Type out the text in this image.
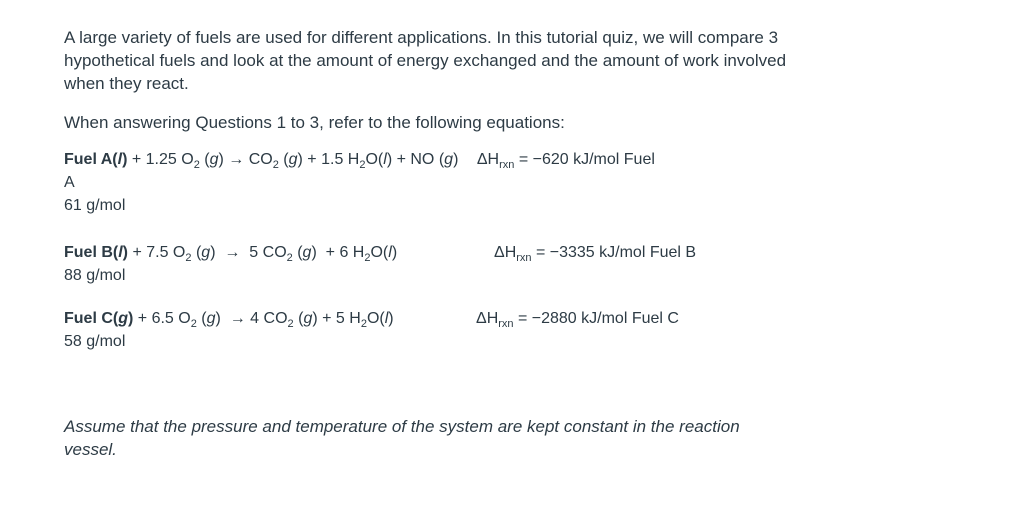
A large variety of fuels are used for different applications. In this tutorial quiz, we will compare 3 hypothetical fuels and look at the amount of energy exchanged and the amount of work involved when they react.

When answering Questions 1 to 3, refer to the following equations:

Fuel A(l) + 1.25 $O_2$ $(g) \to CO_2$ (g) + 1.5 $H_2O(l)$ + NO (g) $\Delta H_{rxn} = -620$ kJ/mol Fuel
A
61 g/mol
Fuel B(l) + 7.5 $O_2$ (g)  →  5 $CO_2$ (g)  + 6 $H_2O(l)$	$\Delta H_{rxn} = -3335$ kJ/mol Fuel B
88 g/mol
Fuel C(g) + 6.5 $O_2$ (g)  → 4 $CO_2$ (g) + 5 $H_2O(l)$	$\Delta H_{rxn} = -2880$ kJ/mol Fuel C
58 g/mol
Assume that the pressure and temperature of the system are kept constant in the reaction vessel.
